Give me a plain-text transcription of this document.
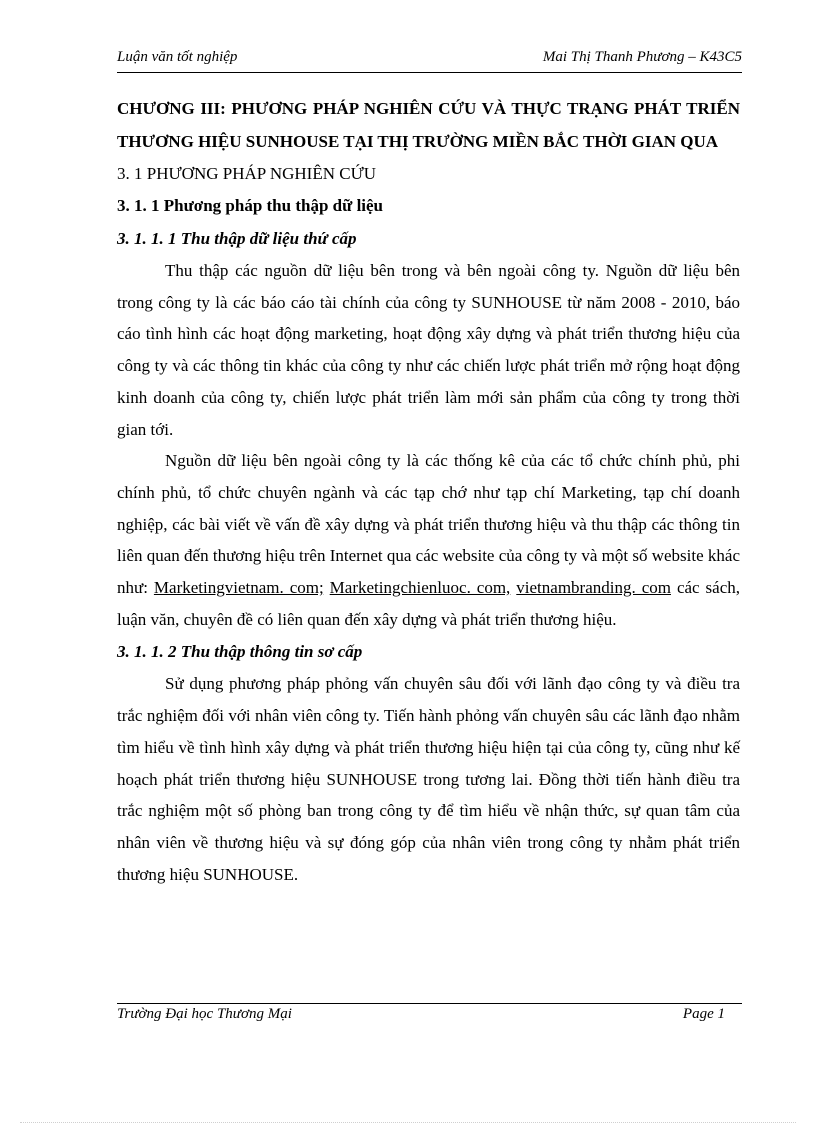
Luận văn tốt nghiệp	Mai Thị Thanh Phương – K43C5

CHƯƠNG III: PHƯƠNG PHÁP NGHIÊN CỨU VÀ THỰC TRẠNG PHÁT TRIỂN THƯƠNG HIỆU SUNHOUSE TẠI THỊ TRƯỜNG MIỀN BẮC THỜI GIAN QUA

3. 1 PHƯƠNG PHÁP NGHIÊN CỨU

3. 1. 1 Phương pháp thu thập dữ liệu

3. 1. 1. 1 Thu thập dữ liệu thứ cấp

Thu thập các nguồn dữ liệu bên trong và bên ngoài công ty. Nguồn dữ liệu bên trong công ty là các báo cáo tài chính của công ty SUNHOUSE từ năm 2008 - 2010, báo cáo tình hình các hoạt động marketing, hoạt động xây dựng và phát triển thương hiệu của công ty và các thông tin khác của công ty như các chiến lược phát triển mở rộng hoạt động kinh doanh của công ty, chiến lược phát triển làm mới sản phẩm của công ty trong thời gian tới.

Nguồn dữ liệu bên ngoài công ty là các thống kê của các tổ chức chính phủ, phi chính phủ, tổ chức chuyên ngành và các tạp chớ như tạp chí Marketing, tạp chí doanh nghiệp, các bài viết về vấn đề xây dựng và phát triển thương hiệu và thu thập các thông tin liên quan đến thương hiệu trên Internet qua các website của công ty và một số website khác như: Marketingvietnam. com; Marketingchienluoc. com, vietnambranding. com các sách, luận văn, chuyên đề có liên quan đến xây dựng và phát triển thương hiệu.

3. 1. 1. 2 Thu thập thông tin sơ cấp

Sử dụng phương pháp phỏng vấn chuyên sâu đối với lãnh đạo công ty và điều tra trắc nghiệm đối với nhân viên công ty. Tiến hành phỏng vấn chuyên sâu các lãnh đạo nhằm tìm hiểu về tình hình xây dựng và phát triển thương hiệu hiện tại của công ty, cũng như kế hoạch phát triển thương hiệu SUNHOUSE trong tương lai. Đồng thời tiến hành điều tra trắc nghiệm một số phòng ban trong công ty để tìm hiểu về nhận thức, sự quan tâm của nhân viên về thương hiệu và sự đóng góp của nhân viên trong công ty nhằm phát triển thương hiệu SUNHOUSE.

Trường Đại học Thương Mại	Page 1
